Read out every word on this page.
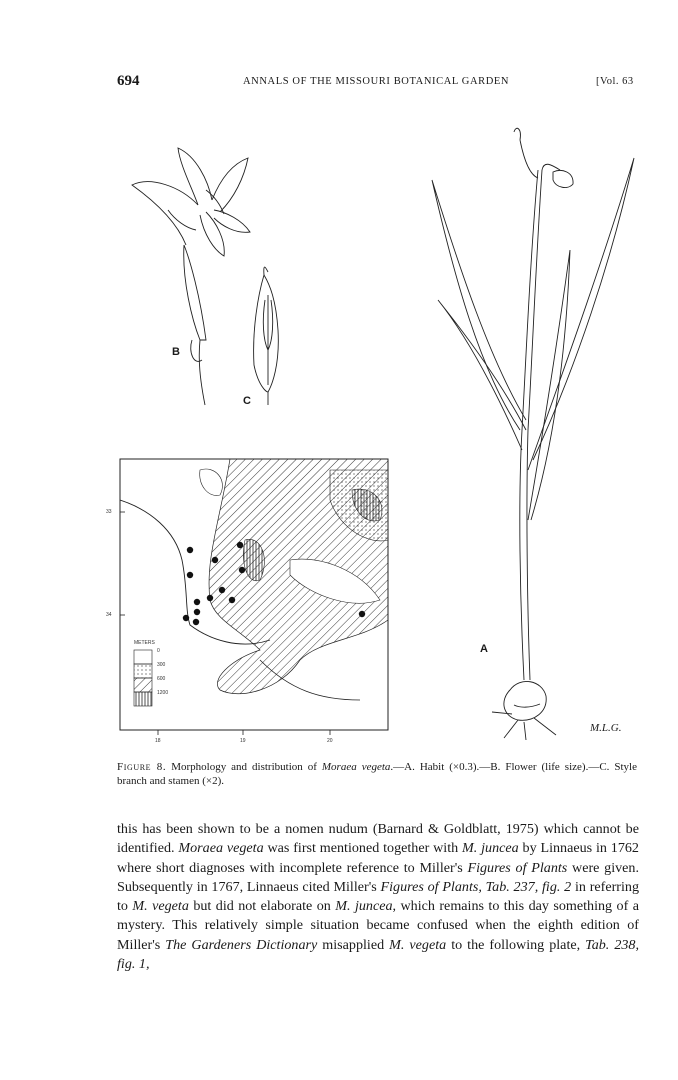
694	ANNALS OF THE MISSOURI BOTANICAL GARDEN	[Vol. 63
B
C
A
M.L.G.
33
34
18	19	20
METERS
0
300
600
1200
Figure 8. Morphology and distribution of Moraea vegeta.—A. Habit (×0.3).—B. Flower (life size).—C. Style branch and stamen (×2).

this has been shown to be a nomen nudum (Barnard & Goldblatt, 1975) which cannot be identified. Moraea vegeta was first mentioned together with M. juncea by Linnaeus in 1762 where short diagnoses with incomplete reference to Miller's Figures of Plants were given. Subsequently in 1767, Linnaeus cited Miller's Figures of Plants, Tab. 237, fig. 2 in referring to M. vegeta but did not elaborate on M. juncea, which remains to this day something of a mystery. This relatively simple situation became confused when the eighth edition of Miller's The Gardeners Dictionary misapplied M. vegeta to the following plate, Tab. 238, fig. 1,
